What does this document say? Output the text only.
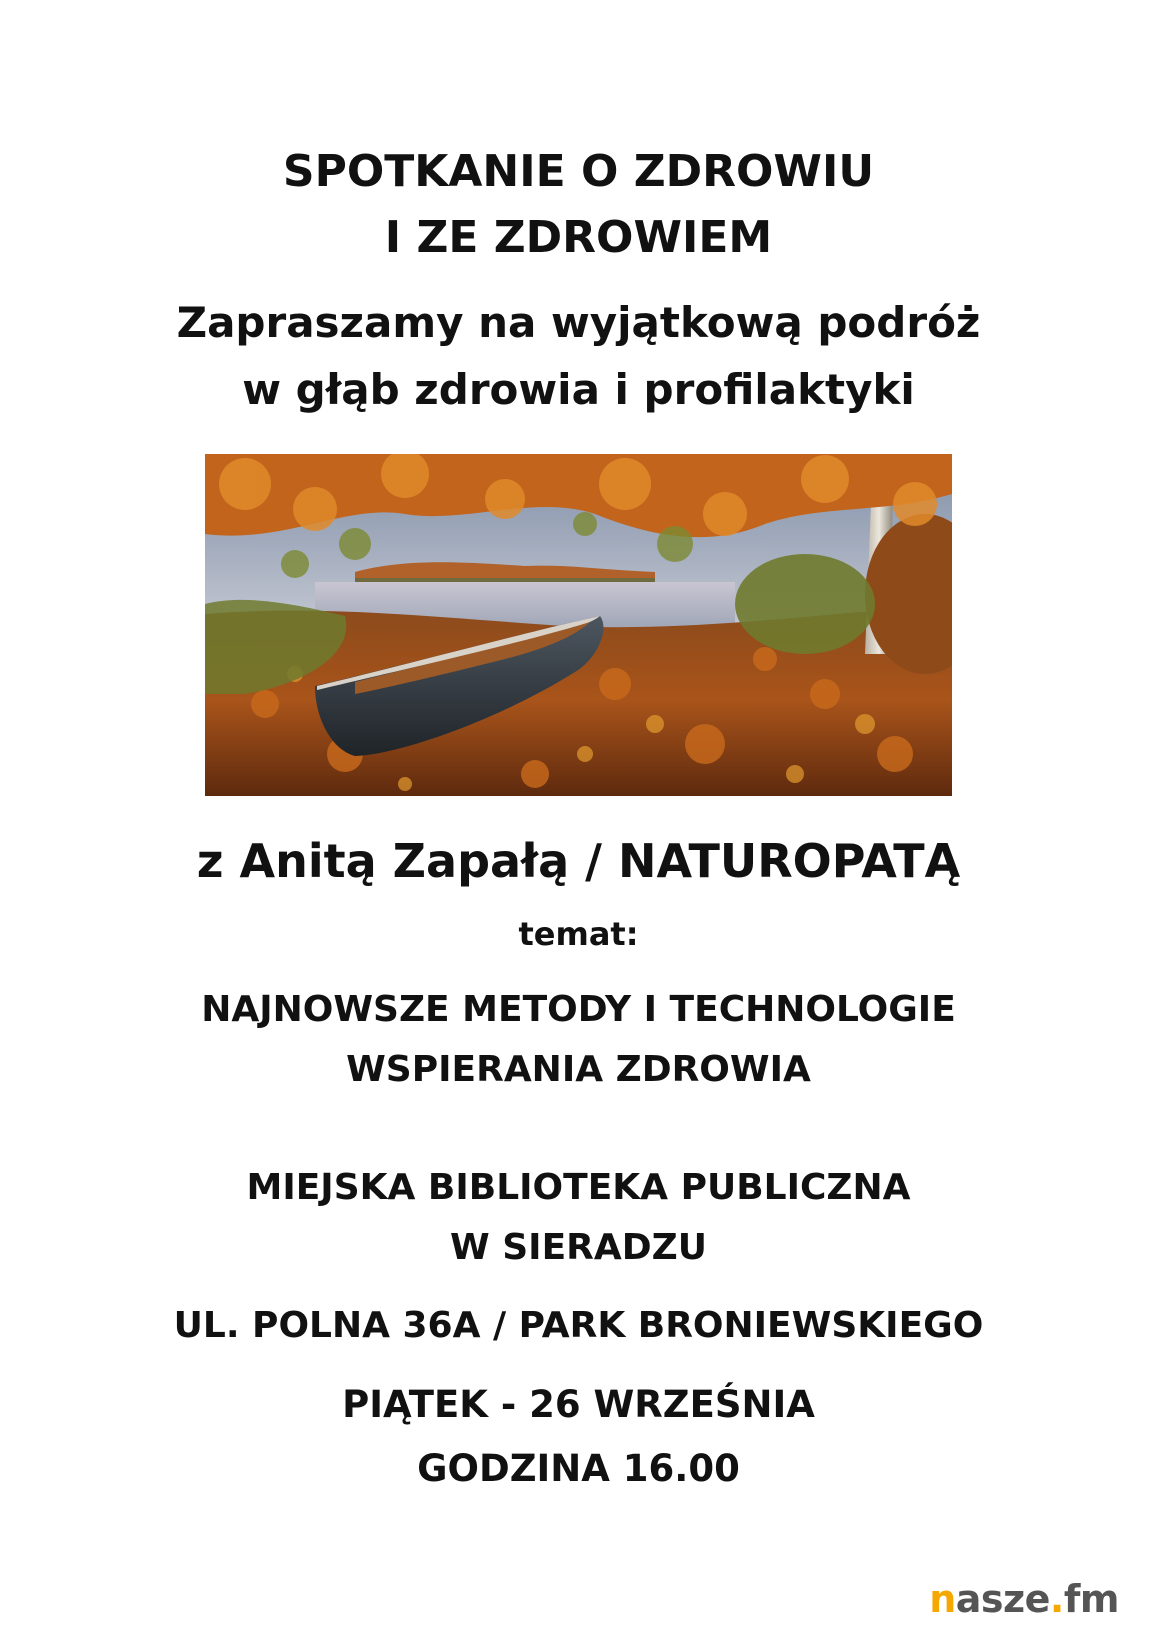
SPOTKANIE O ZDROWIU
I ZE ZDROWIEM
Zapraszamy na wyjątkową podróż
w głąb zdrowia i profilaktyki
z Anitą Zapałą / NATUROPATĄ
temat:
NAJNOWSZE METODY I TECHNOLOGIE
WSPIERANIA ZDROWIA
MIEJSKA BIBLIOTEKA PUBLICZNA
W SIERADZU
UL. POLNA 36A / PARK BRONIEWSKIEGO
PIĄTEK - 26 WRZEŚNIA
GODZINA 16.00
nasze.fm
